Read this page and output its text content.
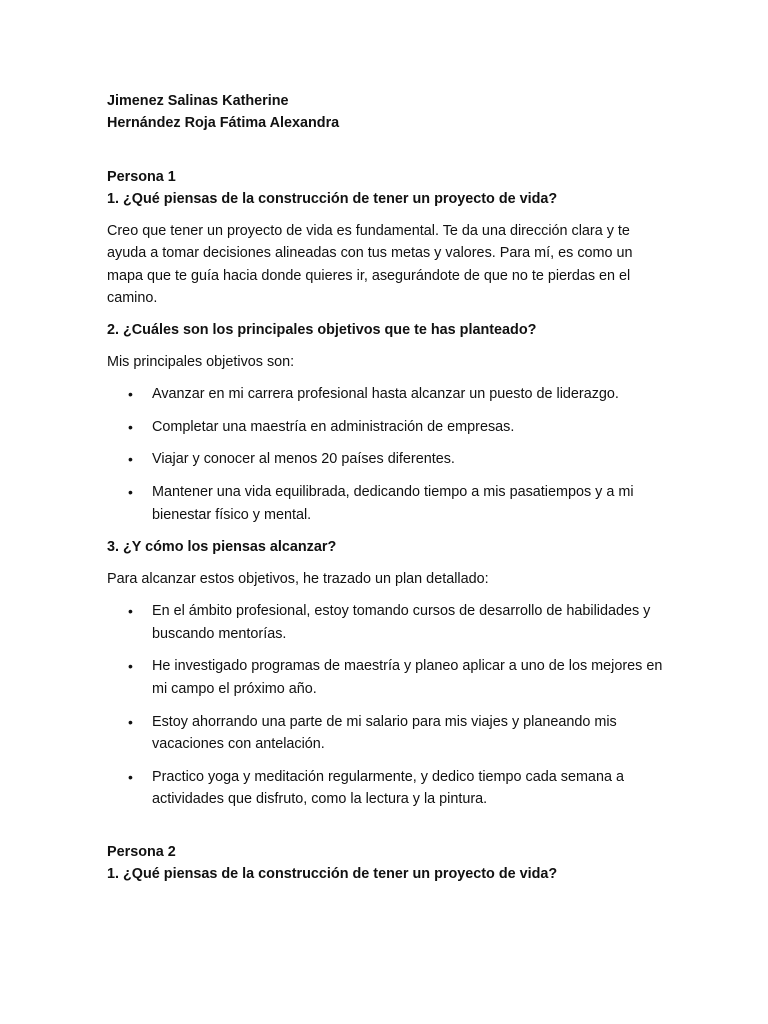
Jimenez Salinas Katherine

Hernández Roja Fátima Alexandra

Persona 1

1. ¿Qué piensas de la construcción de tener un proyecto de vida?

Creo que tener un proyecto de vida es fundamental. Te da una dirección clara y te ayuda a tomar decisiones alineadas con tus metas y valores. Para mí, es como un mapa que te guía hacia donde quieres ir, asegurándote de que no te pierdas en el camino.

2. ¿Cuáles son los principales objetivos que te has planteado?

Mis principales objetivos son:

• Avanzar en mi carrera profesional hasta alcanzar un puesto de liderazgo.
• Completar una maestría en administración de empresas.
• Viajar y conocer al menos 20 países diferentes.
• Mantener una vida equilibrada, dedicando tiempo a mis pasatiempos y a mi bienestar físico y mental.

3. ¿Y cómo los piensas alcanzar?

Para alcanzar estos objetivos, he trazado un plan detallado:

• En el ámbito profesional, estoy tomando cursos de desarrollo de habilidades y buscando mentorías.
• He investigado programas de maestría y planeo aplicar a uno de los mejores en mi campo el próximo año.
• Estoy ahorrando una parte de mi salario para mis viajes y planeando mis vacaciones con antelación.
• Practico yoga y meditación regularmente, y dedico tiempo cada semana a actividades que disfruto, como la lectura y la pintura.

Persona 2

1. ¿Qué piensas de la construcción de tener un proyecto de vida?
